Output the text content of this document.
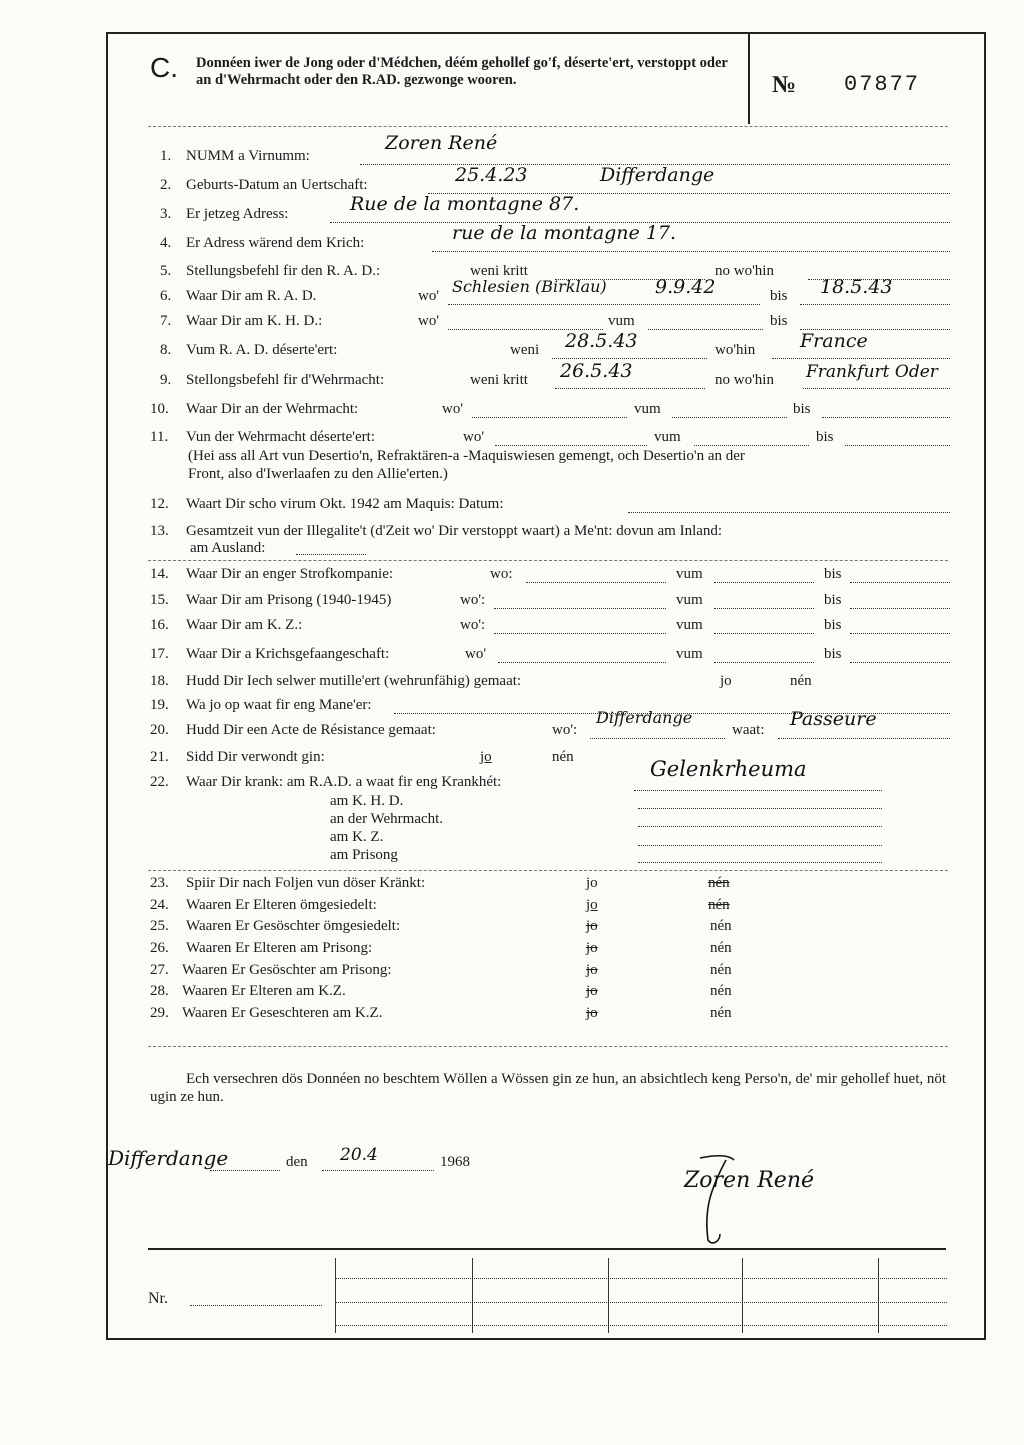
C. Donnéen iwer de Jong oder d'Médchen, déém gehollef go'f, déserte'ert, verstoppt oder an d'Wehrmacht oder den R.AD. gezwonge wooren.	№ 07877
1. NUMM a Virnumm:
Zoren René
2. Geburts-Datum an Uertschaft:	25.4.23	Differdange
3. Er jetzeg Adress:	Rue de la montagne 87.
4. Er Adress wärend dem Krich:	rue de la montagne 17.
5. Stellungsbefehl fir den R. A. D.:	weni kritt	no wo'hin
6. Waar Dir am R. A. D.	wo' Schlesien (Birklau)	9.9.42	bis 18.5.43
7. Waar Dir am K. H. D.:	wo'	vum	bis
8. Vum R. A. D. déserte'ert:	weni 28.5.43	wo'hin France
9. Stellongsbefehl fir d'Wehrmacht:	weni kritt 26.5.43	no wo'hin Frankfurt Oder
10. Waar Dir an der Wehrmacht:	wo'	vum	bis
11. Vun der Wehrmacht déserte'ert:	wo'	vum	bis
(Hei ass all Art vun Desertio'n, Refraktären-a -Maquiswiesen gemengt, och Desertio'n an der
Front, also d'Iwerlaafen zu den Allie'erten.)
12. Waart Dir scho virum Okt. 1942 am Maquis: Datum:
13. Gesamtzeit vun der Illegalite't (d'Zeit wo' Dir verstoppt waart) a Me'nt: dovun am Inland:
am Ausland:
14. Waar Dir an enger Strofkompanie:	wo:	vum	bis
15. Waar Dir am Prisong (1940-1945)	wo':	vum	bis
16. Waar Dir am K. Z.:	wo':	vum	bis
17. Waar Dir a Krichsgefaangeschaft:	wo'	vum	bis
18. Hudd Dir Iech selwer mutille'ert (wehrunfähig) gemaat:	jo	nén
19. Wa jo op waat fir eng Mane'er:
20. Hudd Dir een Acte de Résistance gemaat:	wo':
Differdange
waat: Passeure
21. Sidd Dir verwondt gin:	jo	nén
22. Waar Dir krank: am R.A.D. a waat fir eng Krankhét:
Gelenkrheuma
am K. H. D.
an der Wehrmacht.
am K. Z.
am Prisong
23. Spiir Dir nach Foljen vun döser Kränkt:	jo	nén
24. Waaren Er Elteren ömgesiedelt:	jo	nén
25. Waaren Er Gesöschter ömgesiedelt:	jo	nén
26. Waaren Er Elteren am Prisong:	jo	nén
27. Waaren Er Gesöschter am Prisong:	jo	nén
28. Waaren Er Elteren am K.Z.	jo	nén
29. Waaren Er Geseschteren am K.Z.	jo	nén
Ech versechren dös Donnéen no beschtem Wöllen a Wössen gin ze hun, an absichtlech keng Perso'n, de' mir gehollef huet, nöt ugin ze hun.
Differdange	den 20.4	1968
Zoren René
Nr.
